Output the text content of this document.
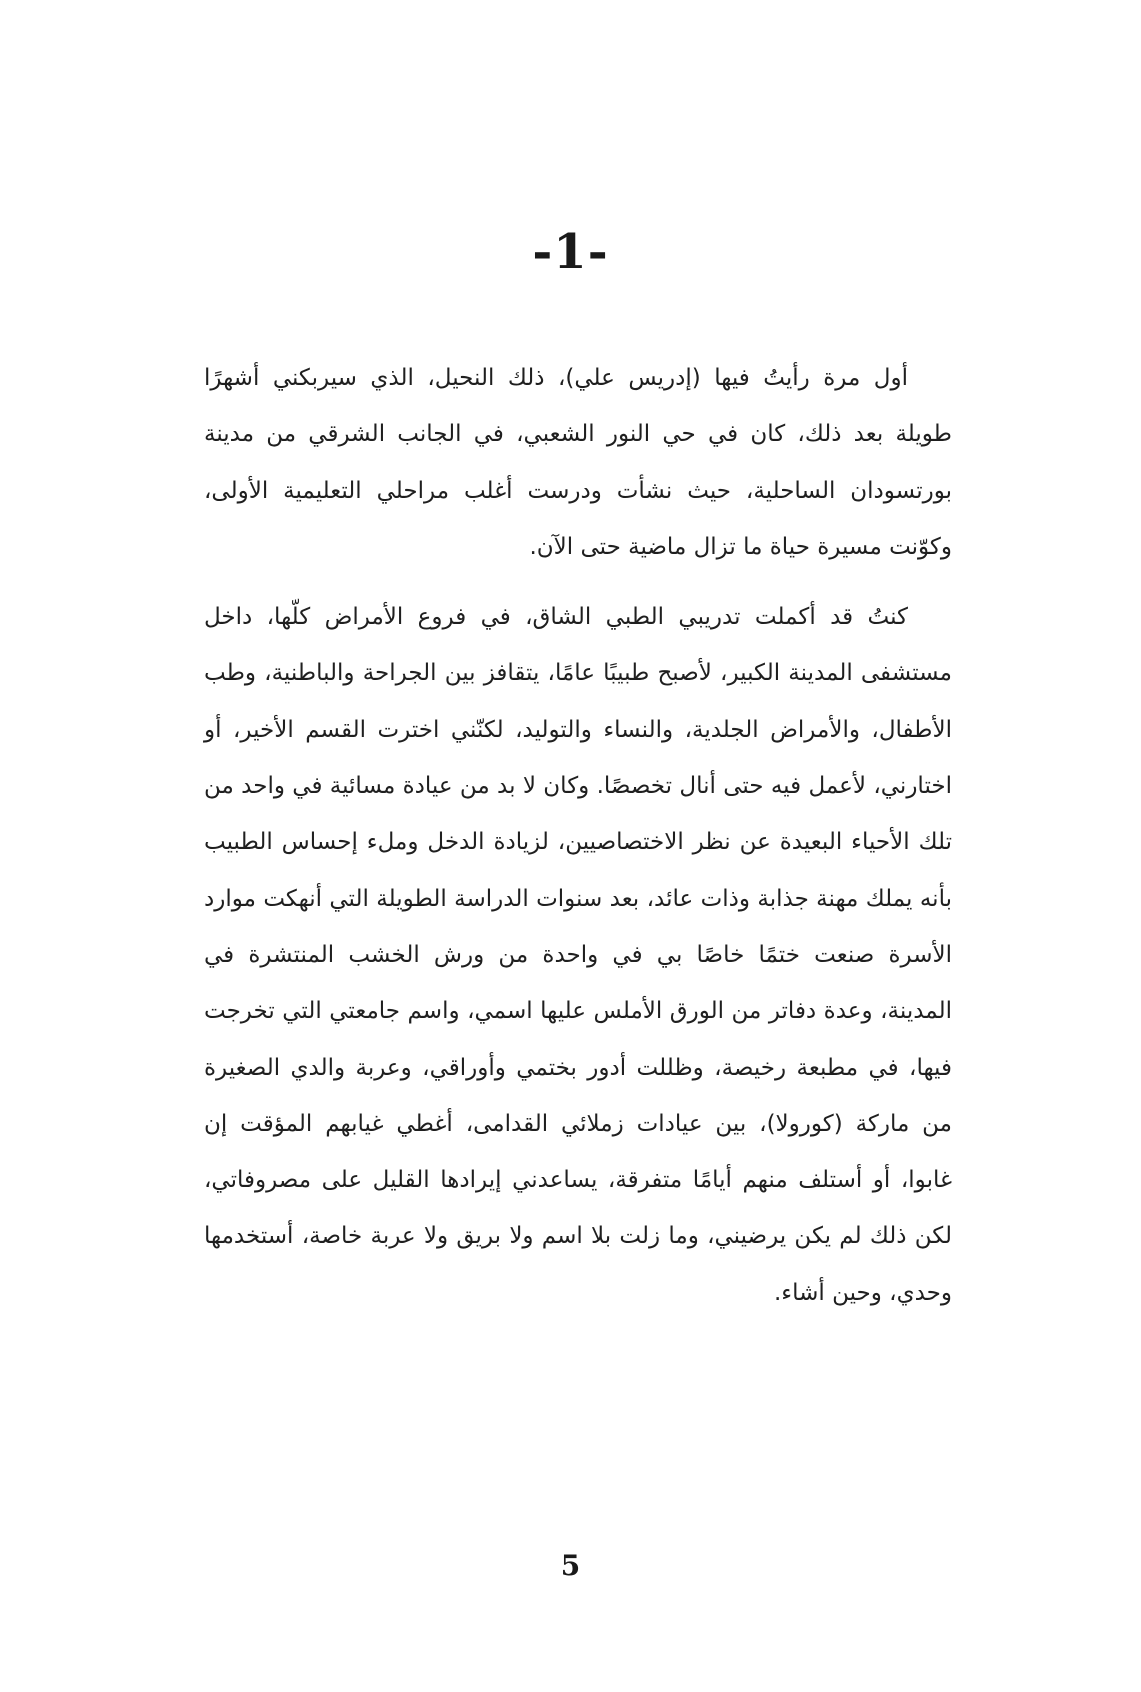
-1-

أول مرة رأيتُ فيها (إدريس علي)، ذلك النحيل، الذي سيربكني أشهرًا طويلة بعد ذلك، كان في حي النور الشعبي، في الجانب الشرقي من مدينة بورتسودان الساحلية، حيث نشأت ودرست أغلب مراحلي التعليمية الأولى، وكوّنت مسيرة حياة ما تزال ماضية حتى الآن.

كنتُ قد أكملت تدريبي الطبي الشاق، في فروع الأمراض كلّها، داخل مستشفى المدينة الكبير، لأصبح طبيبًا عامًا، يتقافز بين الجراحة والباطنية، وطب الأطفال، والأمراض الجلدية، والنساء والتوليد، لكنّني اخترت القسم الأخير، أو اختارني، لأعمل فيه حتى أنال تخصصًا. وكان لا بد من عيادة مسائية في واحد من تلك الأحياء البعيدة عن نظر الاختصاصيين، لزيادة الدخل وملء إحساس الطبيب بأنه يملك مهنة جذابة وذات عائد، بعد سنوات الدراسة الطويلة التي أنهكت موارد الأسرة صنعت ختمًا خاصًا بي في واحدة من ورش الخشب المنتشرة في المدينة، وعدة دفاتر من الورق الأملس عليها اسمي، واسم جامعتي التي تخرجت فيها، في مطبعة رخيصة، وظللت أدور بختمي وأوراقي، وعربة والدي الصغيرة من ماركة (كورولا)، بين عيادات زملائي القدامى، أغطي غيابهم المؤقت إن غابوا، أو أستلف منهم أيامًا متفرقة، يساعدني إيرادها القليل على مصروفاتي، لكن ذلك لم يكن يرضيني، وما زلت بلا اسم ولا بريق ولا عربة خاصة، أستخدمها وحدي، وحين أشاء.

5
